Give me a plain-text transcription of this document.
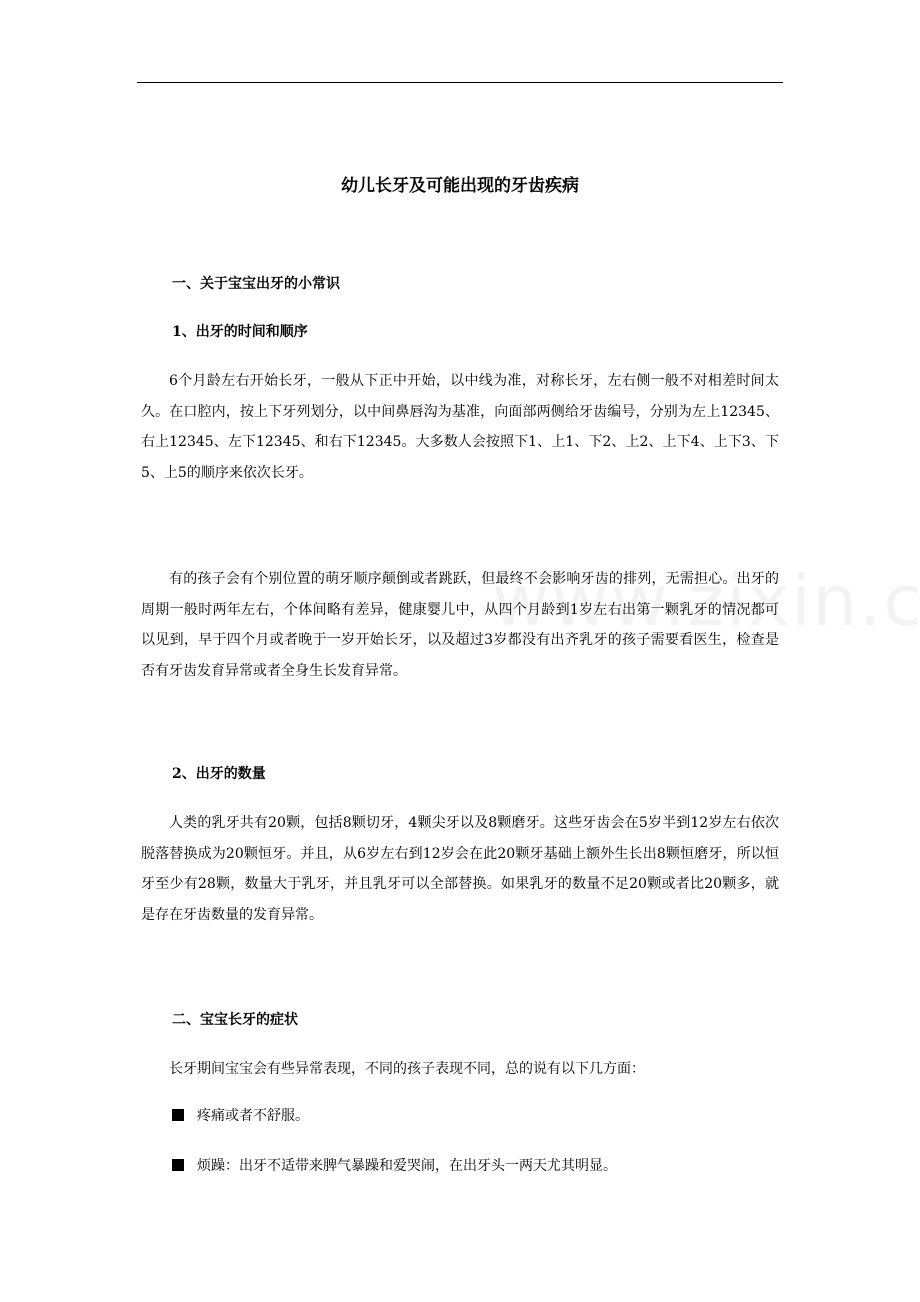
幼儿长牙及可能出现的牙齿疾病
一、关于宝宝出牙的小常识
1、出牙的时间和顺序

6个月龄左右开始长牙，一般从下正中开始，以中线为准，对称长牙，左右侧一般不对相差时间太久。在口腔内，按上下牙列划分，以中间鼻唇沟为基准，向面部两侧给牙齿编号，分别为左上12345、右上12345、左下12345、和右下12345。大多数人会按照下1、上1、下2、上2、上下4、上下3、下5、上5的顺序来依次长牙。

有的孩子会有个别位置的萌牙顺序颠倒或者跳跃，但最终不会影响牙齿的排列，无需担心。出牙的周期一般时两年左右，个体间略有差异，健康婴儿中，从四个月龄到1岁左右出第一颗乳牙的情况都可以见到，早于四个月或者晚于一岁开始长牙，以及超过3岁都没有出齐乳牙的孩子需要看医生，检查是否有牙齿发育异常或者全身生长发育异常。

2、出牙的数量

人类的乳牙共有20颗，包括8颗切牙，4颗尖牙以及8颗磨牙。这些牙齿会在5岁半到12岁左右依次脱落替换成为20颗恒牙。并且，从6岁左右到12岁会在此20颗牙基础上额外生长出8颗恒磨牙，所以恒牙至少有28颗，数量大于乳牙，并且乳牙可以全部替换。如果乳牙的数量不足20颗或者比20颗多，就是存在牙齿数量的发育异常。

二、宝宝长牙的症状

长牙期间宝宝会有些异常表现，不同的孩子表现不同，总的说有以下几方面：

疼痛或者不舒服。
烦躁：出牙不适带来脾气暴躁和爱哭闹，在出牙头一两天尤其明显。
